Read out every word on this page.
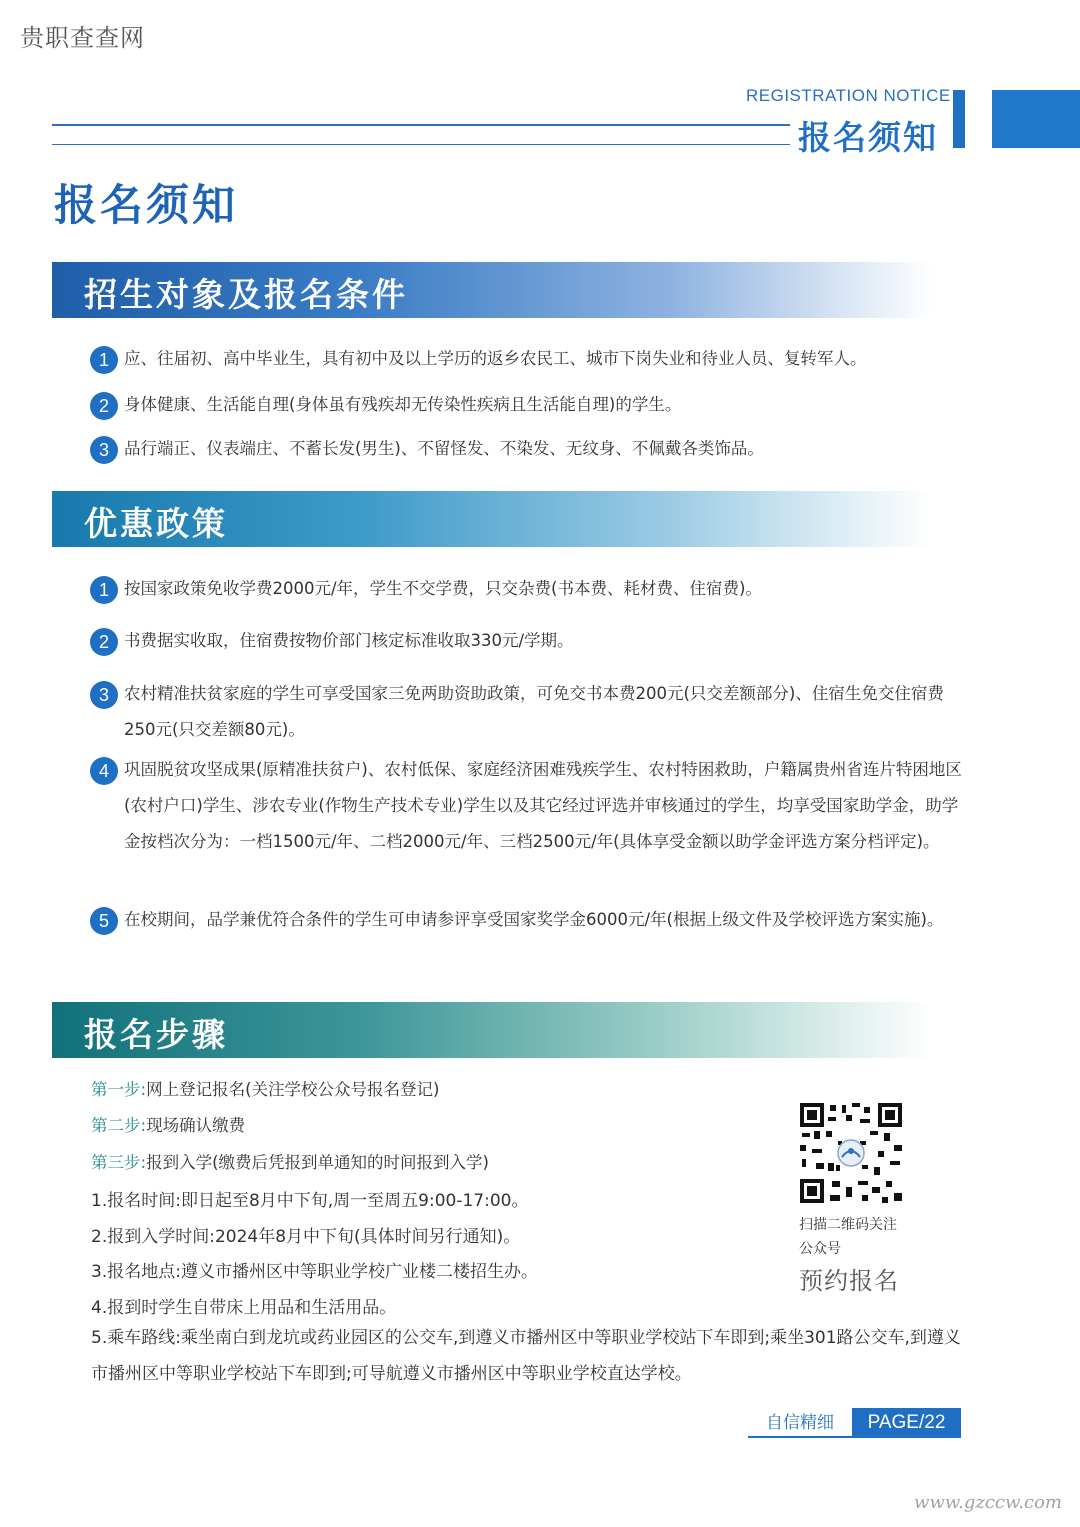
贵职查查网
www.gzccw.com
REGISTRATION NOTICE
报名须知
报名须知
招生对象及报名条件
1 应、往届初、高中毕业生，具有初中及以上学历的返乡农民工、城市下岗失业和待业人员、复转军人。
2 身体健康、生活能自理(身体虽有残疾却无传染性疾病且生活能自理)的学生。
3 品行端正、仪表端庄、不蓄长发(男生)、不留怪发、不染发、无纹身、不佩戴各类饰品。
优惠政策
1 按国家政策免收学费2000元/年，学生不交学费，只交杂费(书本费、耗材费、住宿费)。
2 书费据实收取，住宿费按物价部门核定标准收取330元/学期。
3 农村精准扶贫家庭的学生可享受国家三免两助资助政策，可免交书本费200元(只交差额部分)、住宿生免交住宿费250元(只交差额80元)。
4 巩固脱贫攻坚成果(原精准扶贫户)、农村低保、家庭经济困难残疾学生、农村特困救助，户籍属贵州省连片特困地区(农村户口)学生、涉农专业(作物生产技术专业)学生以及其它经过评选并审核通过的学生，均享受国家助学金，助学金按档次分为：一档1500元/年、二档2000元/年、三档2500元/年(具体享受金额以助学金评选方案分档评定)。
5 在校期间，品学兼优符合条件的学生可申请参评享受国家奖学金6000元/年(根据上级文件及学校评选方案实施)。
报名步骤
第一步:网上登记报名(关注学校公众号报名登记)
第二步:现场确认缴费
第三步:报到入学(缴费后凭报到单通知的时间报到入学)
1.报名时间:即日起至8月中下旬,周一至周五9:00-17:00。
2.报到入学时间:2024年8月中下旬(具体时间另行通知)。
3.报名地点:遵义市播州区中等职业学校广业楼二楼招生办。
4.报到时学生自带床上用品和生活用品。
5.乘车路线:乘坐南白到龙坑或药业园区的公交车,到遵义市播州区中等职业学校站下车即到;乘坐301路公交车,到遵义市播州区中等职业学校站下车即到;可导航遵义市播州区中等职业学校直达学校。
扫描二维码关注
公众号
预约报名
自信精细	PAGE/22
